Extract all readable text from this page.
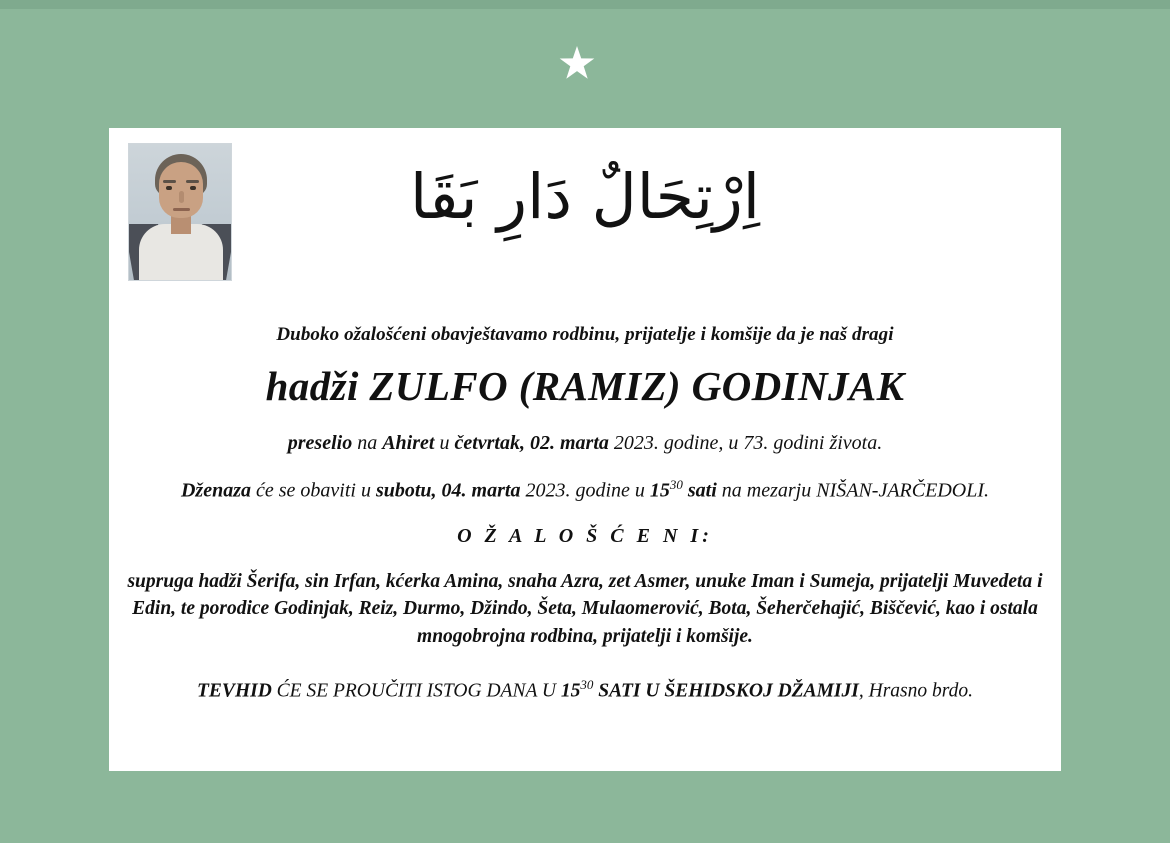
اِرْتِحَالٌ دَارِ بَقَا

Duboko ožalošćeni obavještavamo rodbinu, prijatelje i komšije da je naš dragi

hadži ZULFO (RAMIZ) GODINJAK

preselio na Ahiret u četvrtak, 02. marta 2023. godine, u 73. godini života.

Dženaza će se obaviti u subotu, 04. marta 2023. godine u $15^{30}$ sati na mezarju NIŠAN-JARČEDOLI.

O Ž A L O Š Ć E N I:

supruga hadži Šerifa, sin Irfan, kćerka Amina, snaha Azra, zet Asmer, unuke Iman i Sumeja, prijatelji Muvedeta i Edin, te porodice Godinjak, Reiz, Durmo, Džindo, Šeta, Mulaomerović, Bota, Šeherčehajić, Biščević, kao i ostala mnogobrojna rodbina, prijatelji i komšije.

TEVHID ĆE SE PROUČITI ISTOG DANA U $15^{30}$ SATI U ŠEHIDSKOJ DŽAMIJI, Hrasno brdo.
